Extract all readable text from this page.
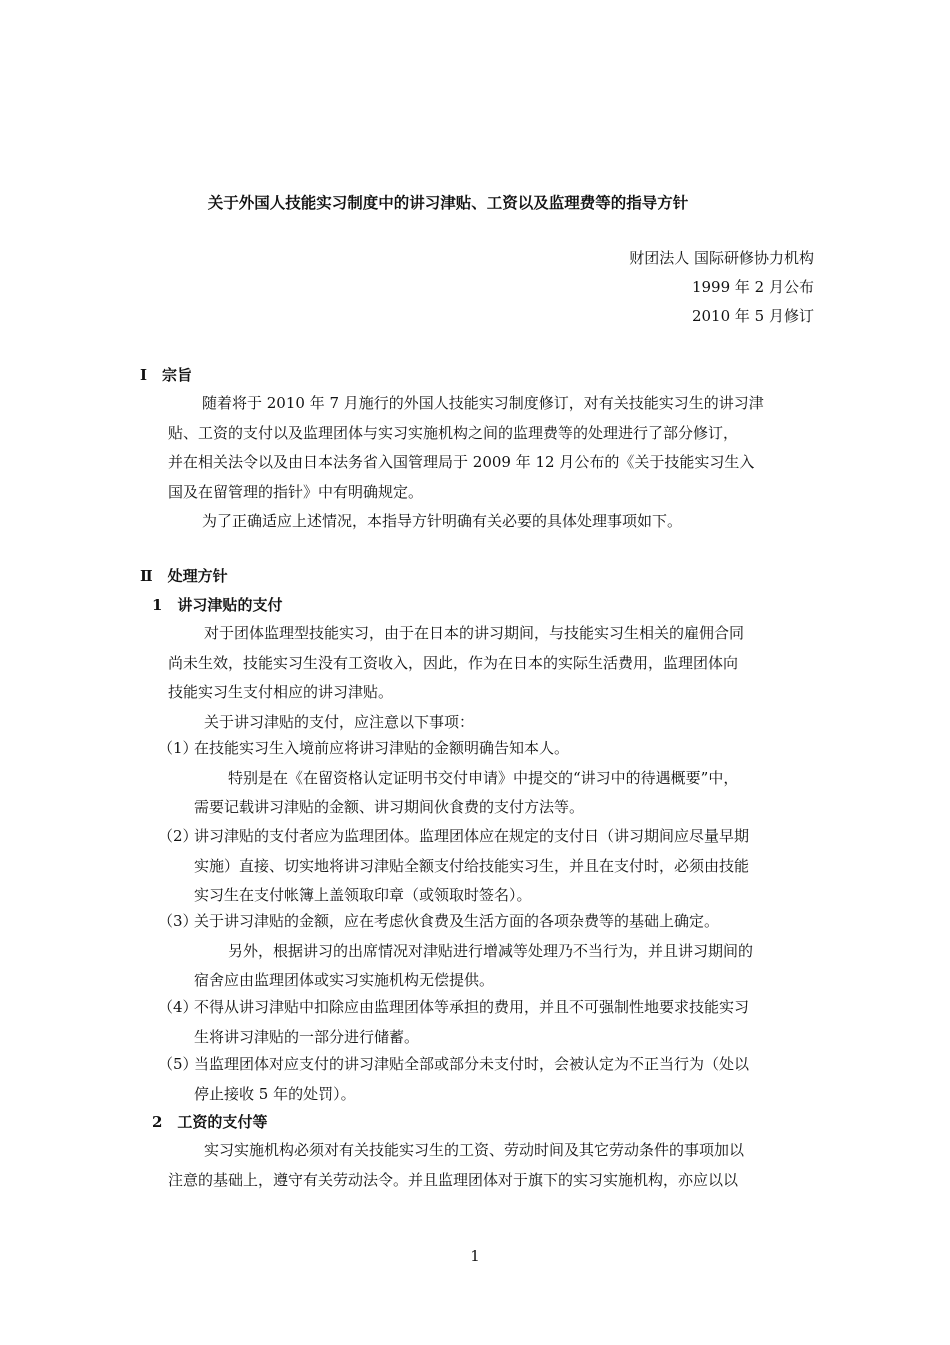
关于外国人技能实习制度中的讲习津贴、工资以及监理费等的指导方针
财团法人 国际研修协力机构
1999 年 2 月公布
2010 年 5 月修订
Ⅰ　宗旨
随着将于 2010 年 7 月施行的外国人技能实习制度修订，对有关技能实习生的讲习津
贴、工资的支付以及监理团体与实习实施机构之间的监理费等的处理进行了部分修订，
并在相关法令以及由日本法务省入国管理局于 2009 年 12 月公布的《关于技能实习生入
国及在留管理的指针》中有明确规定。
为了正确适应上述情况，本指导方针明确有关必要的具体处理事项如下。
Ⅱ　处理方针
1　讲习津贴的支付
对于团体监理型技能实习，由于在日本的讲习期间，与技能实习生相关的雇佣合同
尚未生效，技能实习生没有工资收入，因此，作为在日本的实际生活费用，监理团体向
技能实习生支付相应的讲习津贴。
关于讲习津贴的支付，应注意以下事项：
（1）
在技能实习生入境前应将讲习津贴的金额明确告知本人。
特别是在《在留资格认定证明书交付申请》中提交的“讲习中的待遇概要”中，
需要记载讲习津贴的金额、讲习期间伙食费的支付方法等。
（2）
讲习津贴的支付者应为监理团体。监理团体应在规定的支付日（讲习期间应尽量早期
实施）直接、切实地将讲习津贴全额支付给技能实习生，并且在支付时，必须由技能
实习生在支付帐簿上盖领取印章（或领取时签名）。
（3）
关于讲习津贴的金额，应在考虑伙食费及生活方面的各项杂费等的基础上确定。
另外，根据讲习的出席情况对津贴进行增减等处理乃不当行为，并且讲习期间的
宿舍应由监理团体或实习实施机构无偿提供。
（4）
不得从讲习津贴中扣除应由监理团体等承担的费用，并且不可强制性地要求技能实习
生将讲习津贴的一部分进行储蓄。
（5）
当监理团体对应支付的讲习津贴全部或部分未支付时，会被认定为不正当行为（处以
停止接收 5 年的处罚）。
2　工资的支付等
实习实施机构必须对有关技能实习生的工资、劳动时间及其它劳动条件的事项加以
注意的基础上，遵守有关劳动法令。并且监理团体对于旗下的实习实施机构，亦应以以
1
